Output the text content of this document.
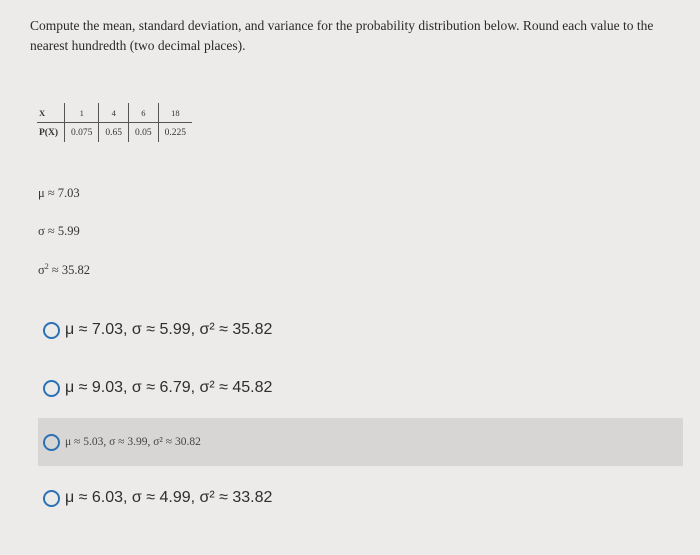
Compute the mean, standard deviation, and variance for the probability distribution below. Round each value to the nearest hundredth (two decimal places).
X	1	4	6	18
P(X)	0.075	0.65	0.05	0.225
μ ≈ 7.03
σ ≈ 5.99
$\sigma^2 \approx 35.82$
μ ≈ 7.03, σ ≈ 5.99, σ² ≈ 35.82
μ ≈ 9.03, σ ≈ 6.79, σ² ≈ 45.82
μ ≈ 5.03, σ ≈ 3.99, σ² ≈ 30.82
μ ≈ 6.03, σ ≈ 4.99, σ² ≈ 33.82
